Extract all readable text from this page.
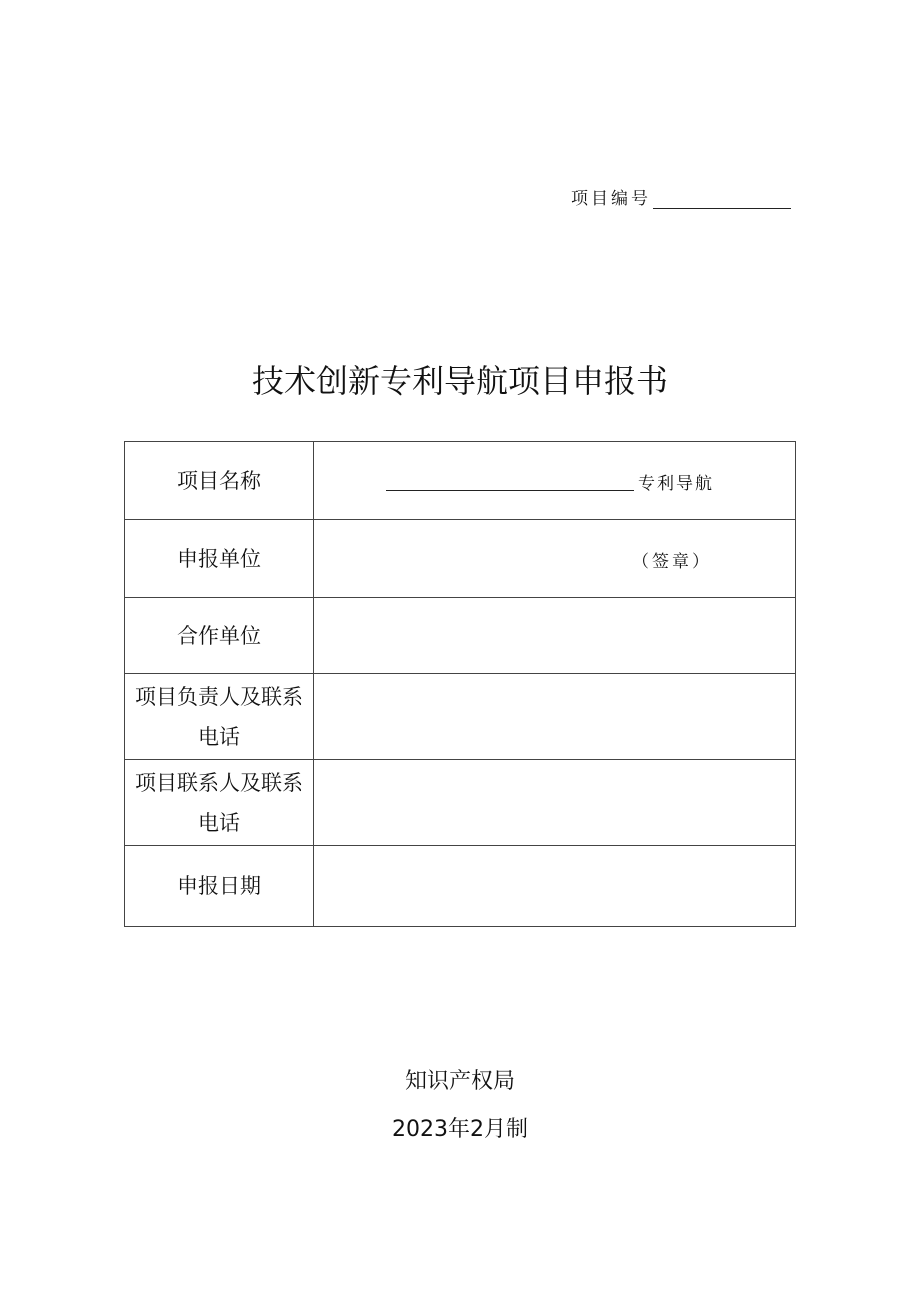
项目编号
技术创新专利导航项目申报书
项目名称	专利导航

申报单位	（签章）

合作单位	
项目负责人及联系电话	
项目联系人及联系电话	
申报日期	
知识产权局
2023年2月制
